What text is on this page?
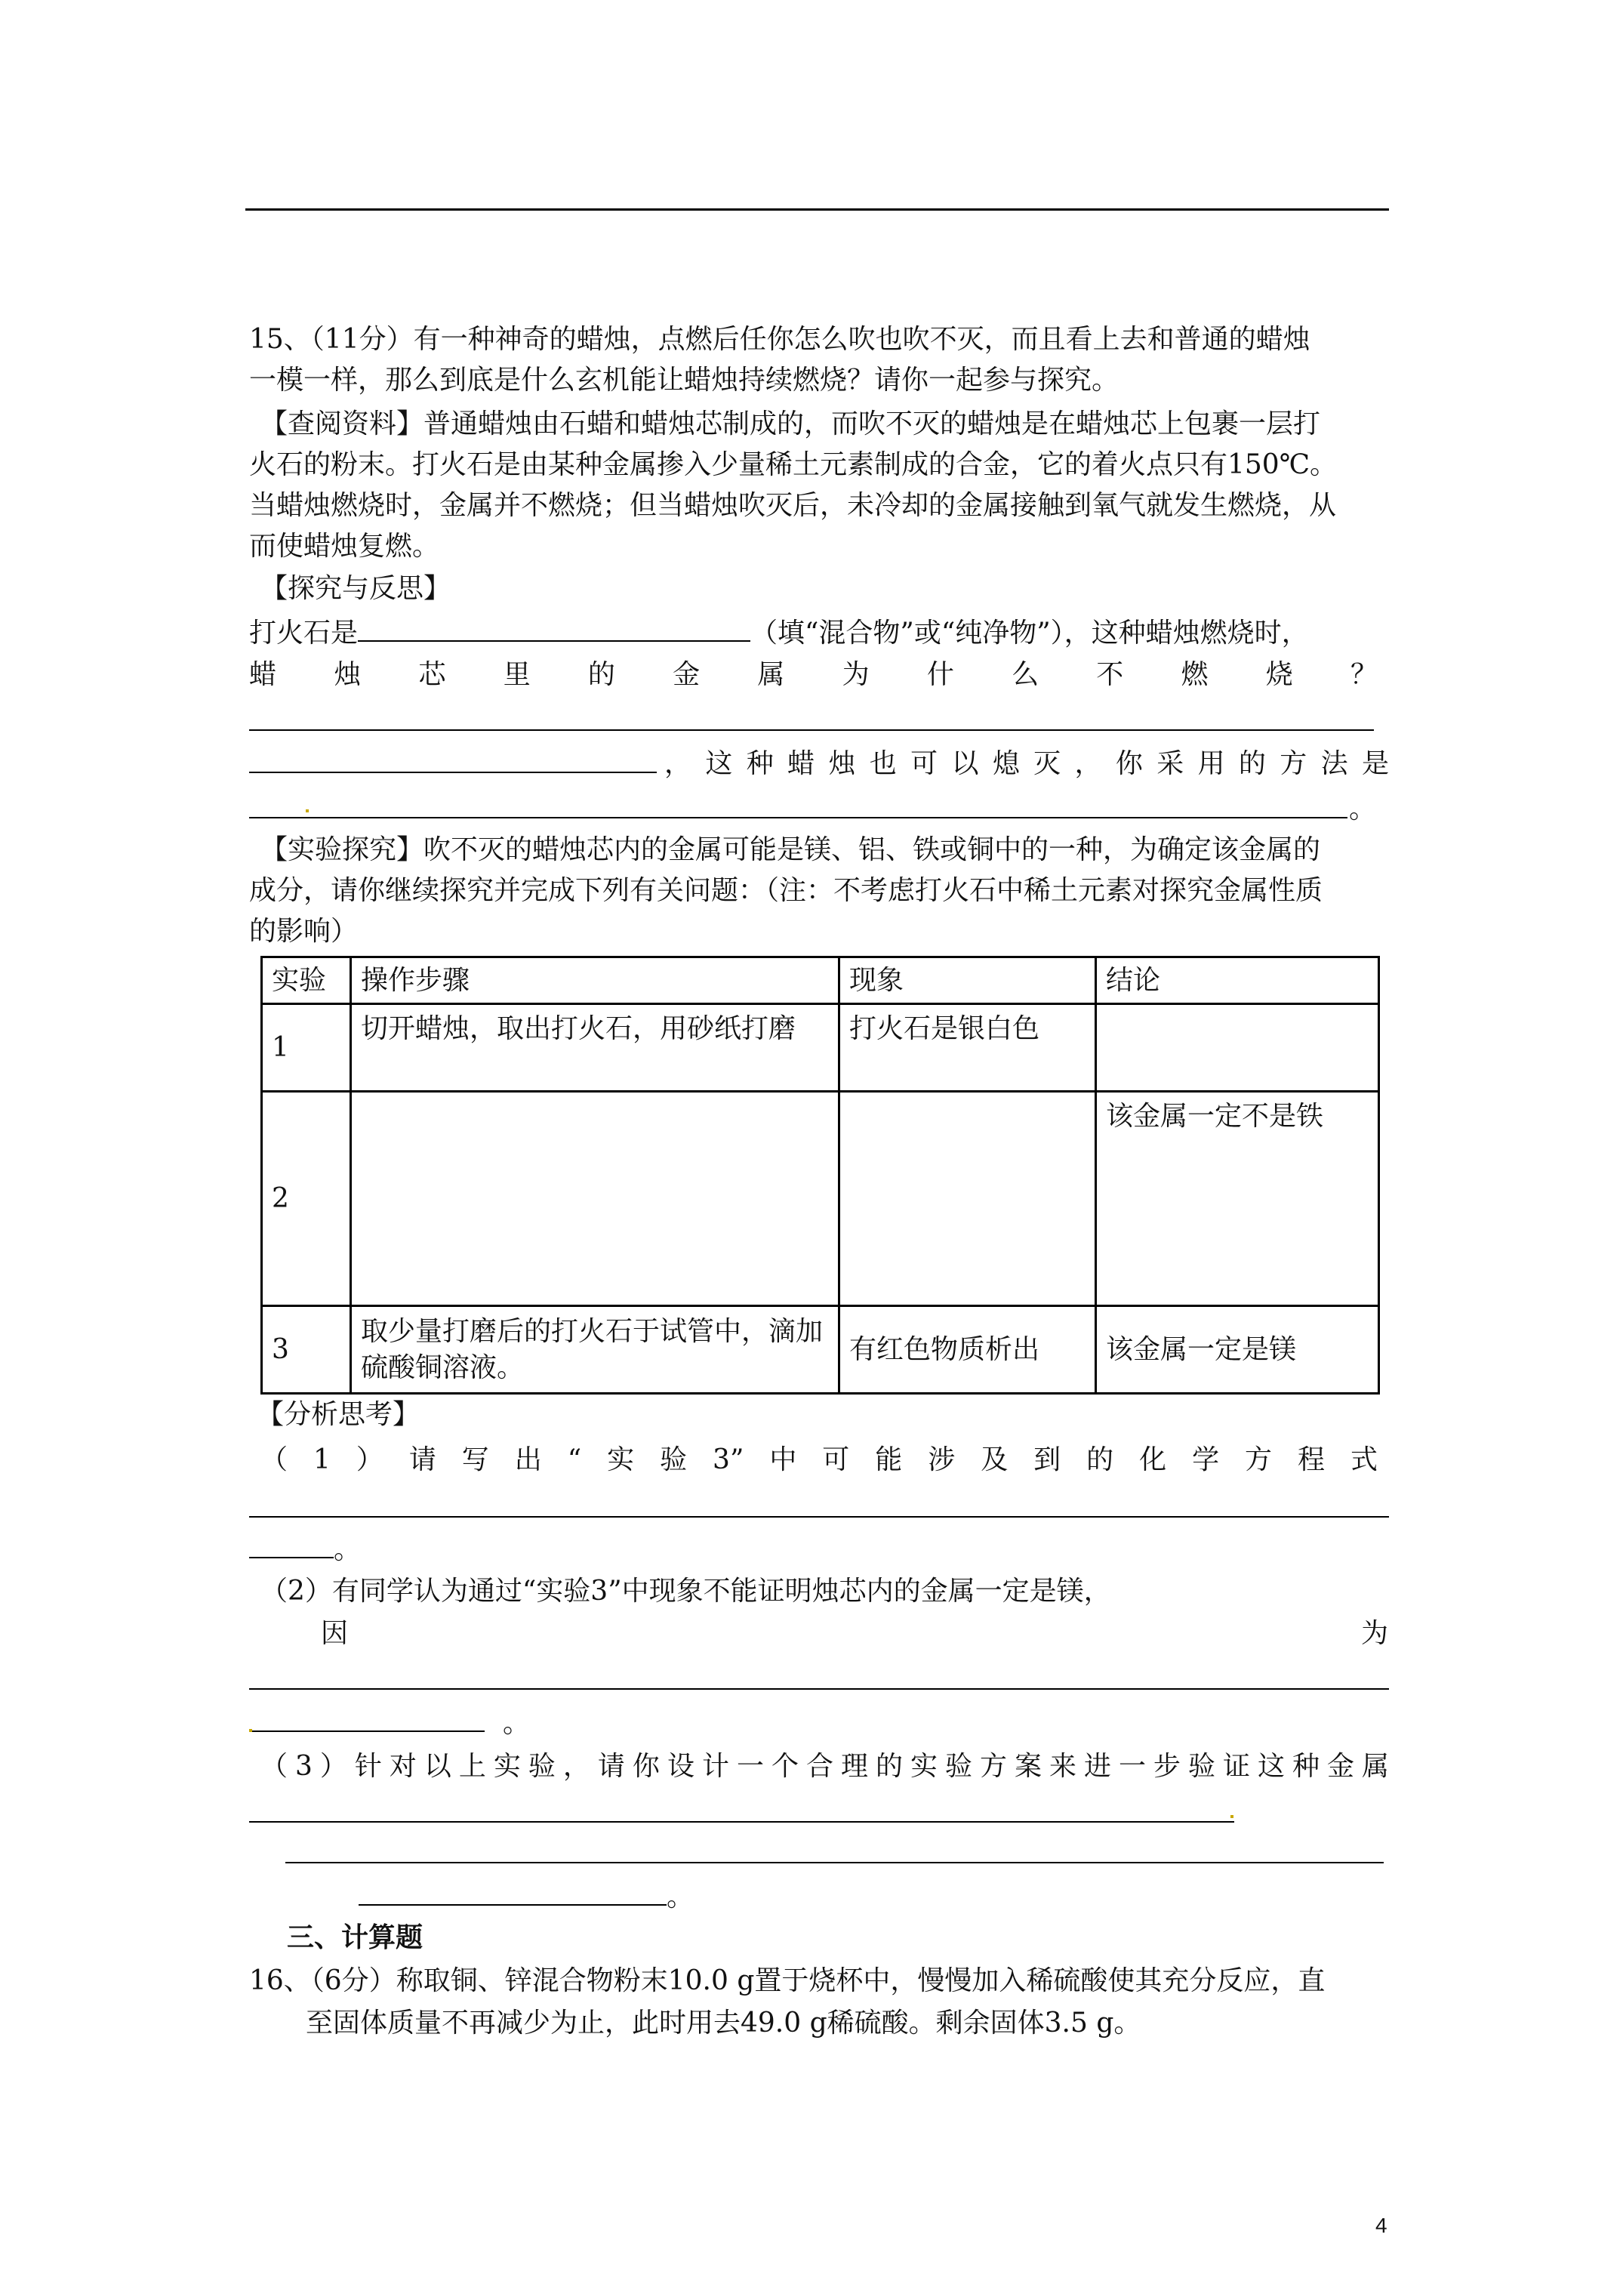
15、（11分）有一种神奇的蜡烛，点燃后任你怎么吹也吹不灭，而且看上去和普通的蜡烛
一模一样，那么到底是什么玄机能让蜡烛持续燃烧？请你一起参与探究。
【查阅资料】普通蜡烛由石蜡和蜡烛芯制成的，而吹不灭的蜡烛是在蜡烛芯上包裹一层打
火石的粉末。打火石是由某种金属掺入少量稀土元素制成的合金，它的着火点只有150℃。
当蜡烛燃烧时，金属并不燃烧；但当蜡烛吹灭后，未冷却的金属接触到氧气就发生燃烧，从
而使蜡烛复燃。
【探究与反思】
打火石是	（填“混合物”或“纯净物”），这种蜡烛燃烧时，
蜡烛芯里的金属为什么不燃烧？
，这种蜡烛也可以熄灭，你采用的方法是
。
【实验探究】吹不灭的蜡烛芯内的金属可能是镁、铝、铁或铜中的一种，为确定该金属的
成分，请你继续探究并完成下列有关问题：（注：不考虑打火石中稀土元素对探究金属性质
的影响）
实验	操作步骤	现象	结论
1	切开蜡烛，取出打火石，用砂纸打磨	打火石是银白色	
2			该金属一定不是铁
3	取少量打磨后的打火石于试管中，滴加硫酸铜溶液。	有红色物质析出	该金属一定是镁
【分析思考】
（1）请写出“实验3”中可能涉及到的化学方程式
。
（2）有同学认为通过“实验3”中现象不能证明烛芯内的金属一定是镁，
因	为
。
（3）针对以上实验，请你设计一个合理的实验方案来进一步验证这种金属
。
三、计算题
16、（6分）称取铜、锌混合物粉末10.0 g置于烧杯中，慢慢加入稀硫酸使其充分反应，直
至固体质量不再减少为止，此时用去49.0 g稀硫酸。剩余固体3.5 g。
4
